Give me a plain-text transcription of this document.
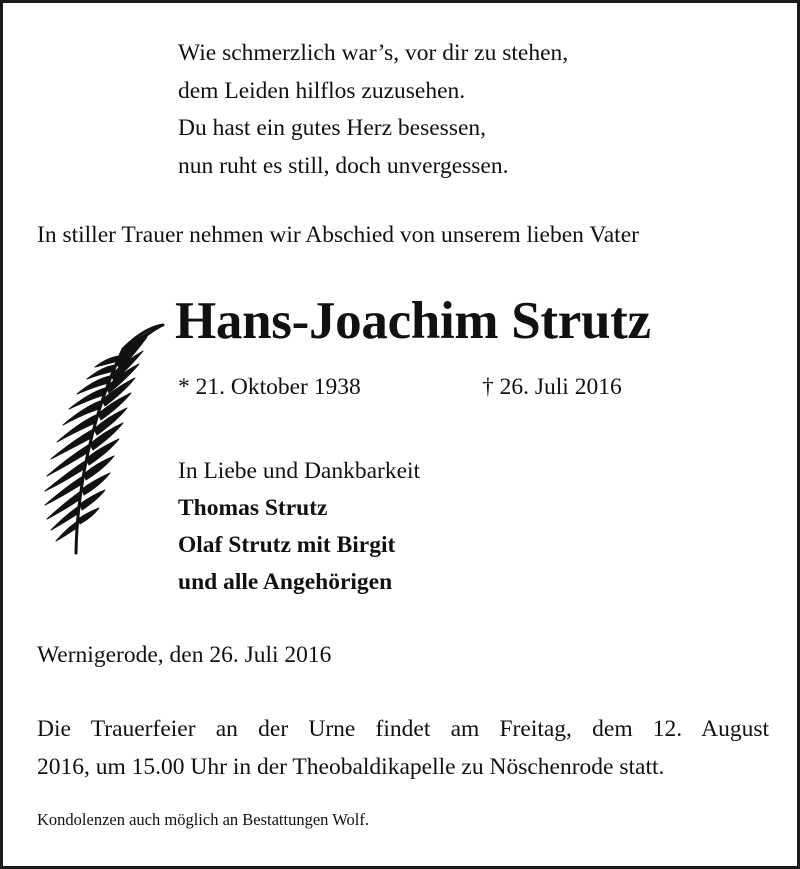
Wie schmerzlich war’s, vor dir zu stehen,
dem Leiden hilflos zuzusehen.
Du hast ein gutes Herz besessen,
nun ruht es still, doch unvergessen.
In stiller Trauer nehmen wir Abschied von unserem lieben Vater
Hans-Joachim Strutz
* 21. Oktober 1938	† 26. Juli 2016
In Liebe und Dankbarkeit
Thomas Strutz
Olaf Strutz mit Birgit
und alle Angehörigen
Wernigerode, den 26. Juli 2016
Die Trauerfeier an der Urne findet am Freitag, dem 12. August
2016, um 15.00 Uhr in der Theobaldikapelle zu Nöschenrode statt.
Kondolenzen auch möglich an Bestattungen Wolf.
